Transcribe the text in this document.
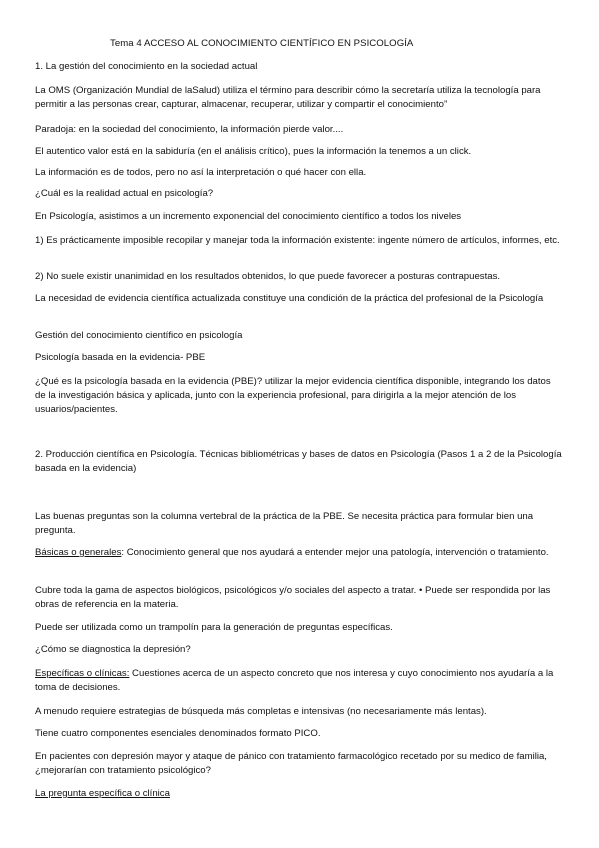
Tema 4 ACCESO AL CONOCIMIENTO CIENTÍFICO EN PSICOLOGÍA
1. La gestión del conocimiento en la sociedad actual
La OMS (Organización Mundial de laSalud) utiliza el término para describir cómo la secretaría utiliza la tecnología para permitir a las personas crear, capturar, almacenar, recuperar, utilizar y compartir el conocimiento”
Paradoja: en la sociedad del conocimiento, la información pierde valor....
El autentico valor está en la sabiduría (en el análisis crítico), pues la información la tenemos a un click.
La información es de todos, pero no así la interpretación o qué hacer con ella.
¿Cuál es la realidad actual en psicología?
En Psicología, asistimos a un incremento exponencial del conocimiento científico a todos los niveles
1) Es prácticamente imposible recopilar y manejar toda la información existente: ingente número de artículos, informes, etc.
2) No suele existir unanimidad en los resultados obtenidos, lo que puede favorecer a posturas contrapuestas.
La necesidad de evidencia científica actualizada constituye una condición de la práctica del profesional de la Psicología
Gestión del conocimiento científico en psicología
Psicología basada en la evidencia- PBE
¿Qué es la psicología basada en la evidencia (PBE)? utilizar la mejor evidencia científica disponible, integrando los datos de la investigación básica y aplicada, junto con la experiencia profesional, para dirigirla a la mejor atención de los usuarios/pacientes.
2. Producción científica en Psicología. Técnicas bibliométricas y bases de datos en Psicología (Pasos 1 a 2 de la Psicología basada en la evidencia)
Las buenas preguntas son la columna vertebral de la práctica de la PBE. Se necesita práctica para formular bien una pregunta.
Básicas o generales: Conocimiento general que nos ayudará a entender mejor una patología, intervención o tratamiento.
Cubre toda la gama de aspectos biológicos, psicológicos y/o sociales del aspecto a tratar. • Puede ser respondida por las obras de referencia en la materia.
Puede ser utilizada como un trampolín para la generación de preguntas específicas.
¿Cómo se diagnostica la depresión?
Específicas o clínicas: Cuestiones acerca de un aspecto concreto que nos interesa y cuyo conocimiento nos ayudaría a la toma de decisiones.
A menudo requiere estrategias de búsqueda más completas e intensivas (no necesariamente más lentas).
Tiene cuatro componentes esenciales denominados formato PICO.
En pacientes con depresión mayor y ataque de pánico con tratamiento farmacológico recetado por su medico de familia, ¿mejorarían con tratamiento psicológico?
La pregunta específica o clínica
